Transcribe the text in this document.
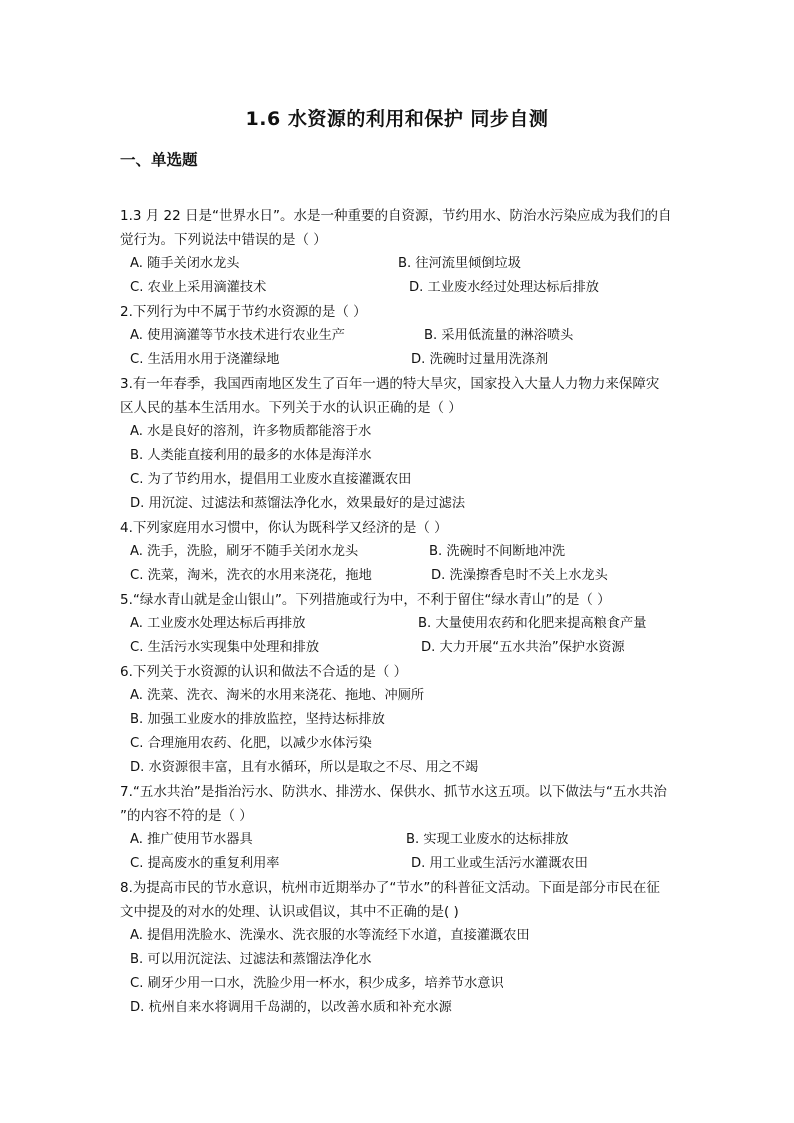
1.6 水资源的利用和保护 同步自测
一、单选题
1.3 月 22 日是“世界水日”。水是一种重要的自资源，节约用水、防治水污染应成为我们的自
觉行为。下列说法中错误的是（ ）
A. 随手关闭水龙头	B. 往河流里倾倒垃圾
C. 农业上采用滴灌技术	D. 工业废水经过处理达标后排放
2.下列行为中不属于节约水资源的是（ ）
A. 使用滴灌等节水技术进行农业生产	B. 采用低流量的淋浴喷头
C. 生活用水用于浇灌绿地	D. 洗碗时过量用洗涤剂
3.有一年春季，我国西南地区发生了百年一遇的特大旱灾，国家投入大量人力物力来保障灾
区人民的基本生活用水。下列关于水的认识正确的是（ ）
A. 水是良好的溶剂，许多物质都能溶于水
B. 人类能直接利用的最多的水体是海洋水
C. 为了节约用水，提倡用工业废水直接灌溉农田
D. 用沉淀、过滤法和蒸馏法净化水，效果最好的是过滤法
4.下列家庭用水习惯中，你认为既科学又经济的是（ ）
A. 洗手，洗脸，刷牙不随手关闭水龙头	B. 洗碗时不间断地冲洗
C. 洗菜，淘米，洗衣的水用来浇花，拖地	D. 洗澡擦香皂时不关上水龙头
5.“绿水青山就是金山银山”。下列措施或行为中，不利于留住“绿水青山”的是（ ）
A. 工业废水处理达标后再排放	B. 大量使用农药和化肥来提高粮食产量
C. 生活污水实现集中处理和排放	D. 大力开展“五水共治”保护水资源
6.下列关于水资源的认识和做法不合适的是（ ）
A. 洗菜、洗衣、淘米的水用来浇花、拖地、冲厕所
B. 加强工业废水的排放监控，坚持达标排放
C. 合理施用农药、化肥，以减少水体污染
D. 水资源很丰富，且有水循环，所以是取之不尽、用之不竭
7.“五水共治”是指治污水、防洪水、排涝水、保供水、抓节水这五项。以下做法与“五水共治
”的内容不符的是（ ）
A. 推广使用节水器具	B. 实现工业废水的达标排放
C. 提高废水的重复利用率	D. 用工业或生活污水灌溉农田
8.为提高市民的节水意识，杭州市近期举办了“节水”的科普征文活动。下面是部分市民在征
文中提及的对水的处理、认识或倡议，其中不正确的是( )
A. 提倡用洗脸水、洗澡水、洗衣服的水等流经下水道，直接灌溉农田
B. 可以用沉淀法、过滤法和蒸馏法净化水
C. 刷牙少用一口水，洗脸少用一杯水，积少成多，培养节水意识
D. 杭州自来水将调用千岛湖的，以改善水质和补充水源
